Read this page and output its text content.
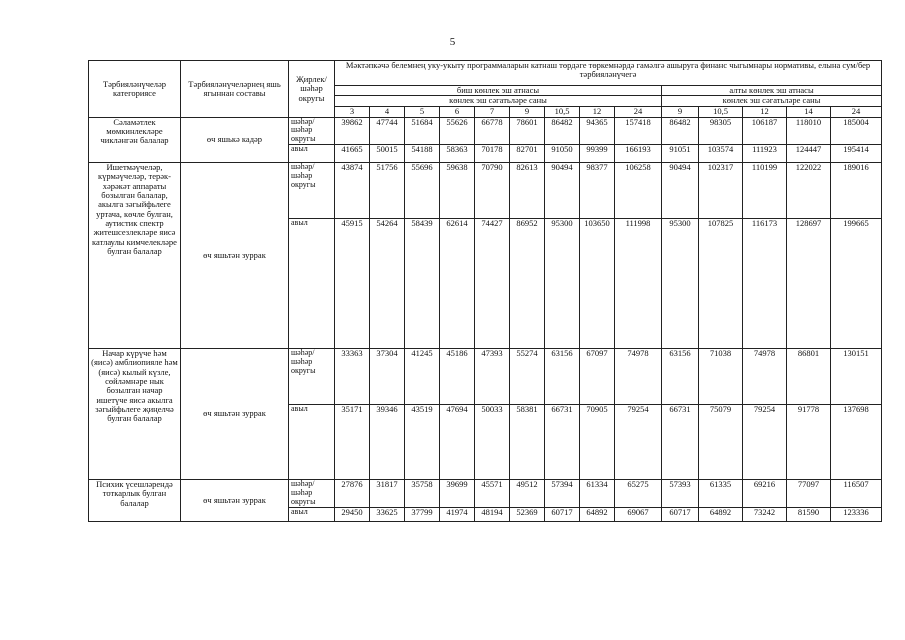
5
Тәрбияләнүчеләр категориясе	Тәрбияләнүчеләрнең яшь ягыннан составы	Җирлек/шәһәр округы	Мәктәпкәчә белемнең уку-укыту программаларын катнаш төрдәге төркемнәрдә гамәлгә ашыруга финанс чыгымнары нормативы, елына сум/бер тәрбияләнүчегә													
			биш көнлек эш атнасы									алты көнлек эш атнасы				
			көнлек эш сәгатьләре саны									көнлек эш сәгатьләре саны				
			3	4	5	6	7	9	10,5	12	24	9	10,5	12	14	24
Сәламәтлек мөмкинлекләре чикләнгән балалар	өч яшькә кадәр	шәһәр/шәһәр округы	39862	47744	51684	55626	66778	78601	86482	94365	157418	86482	98305	106187	118010	185004
		авыл	41665	50015	54188	58363	70178	82701	91050	99399	166193	91051	103574	111923	124447	195414
Ишетмәүчеләр, күрмәүчеләр, терәк-хәрәкәт аппараты бозылган балалар, акылга зәгыйфьлеге уртача, көчле булган, аутистик спектр житешсезлекләре яисә катлаулы кимчелекләре булган балалар	өч яшьтән зуррак	шәһәр/шәһәр округы	43874	51756	55696	59638	70790	82613	90494	98377	106258	90494	102317	110199	122022	189016
		авыл	45915	54264	58439	62614	74427	86952	95300	103650	111998	95300	107825	116173	128697	199665
Начар күрүче һәм (яисә) амблиопияле һәм (яисә) кылый күзле, сөйләмнәре нык бозылган начар ишетүче яисә акылга зәгыйфьлеге җиңелчә булган балалар	өч яшьтән зуррак	шәһәр/шәһәр округы	33363	37304	41245	45186	47393	55274	63156	67097	74978	63156	71038	74978	86801	130151
		авыл	35171	39346	43519	47694	50033	58381	66731	70905	79254	66731	75079	79254	91778	137698
Психик үсешләрендә тоткарлык булган балалар	өч яшьтән зуррак	шәһәр/шәһәр округы	27876	31817	35758	39699	45571	49512	57394	61334	65275	57393	61335	69216	77097	116507
		авыл	29450	33625	37799	41974	48194	52369	60717	64892	69067	60717	64892	73242	81590	123336
